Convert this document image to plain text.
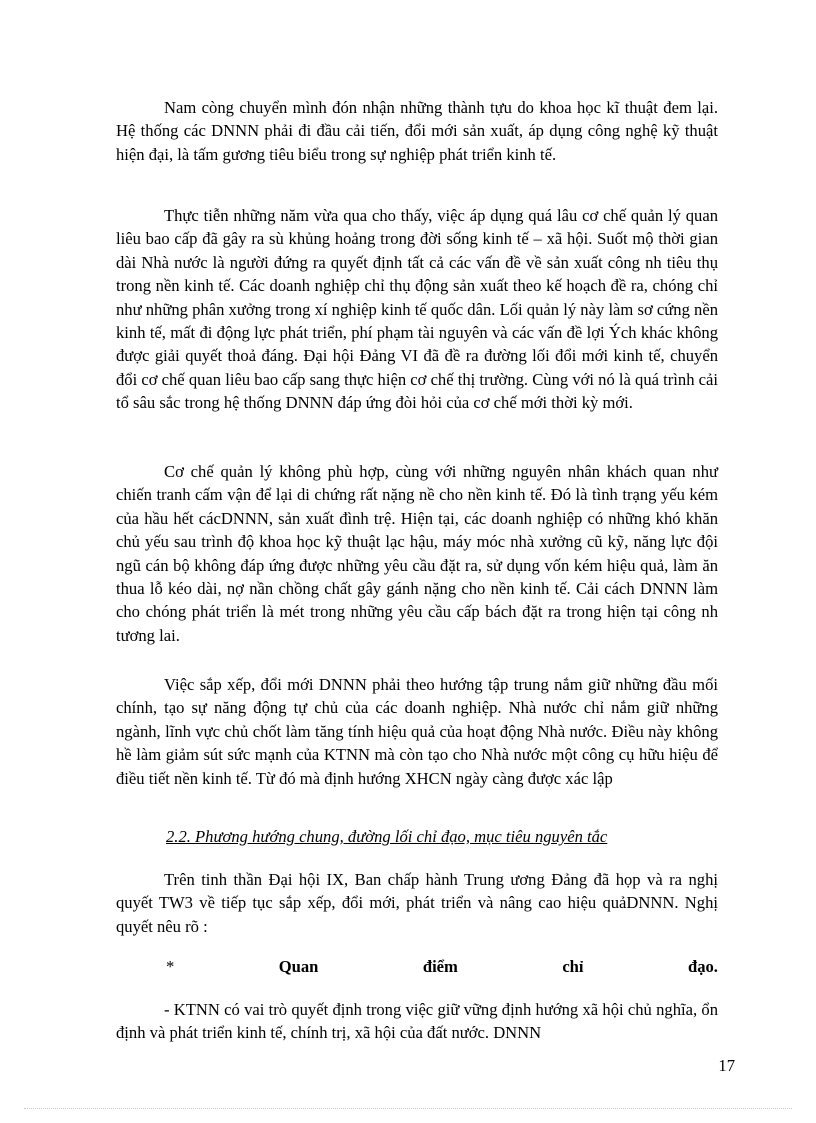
Nam còng chuyển mình đón nhận những thành tựu do khoa học kĩ thuật đem lại. Hệ thống các DNNN phải đi đầu cải tiến, đổi mới sản xuất, áp dụng công nghệ kỹ thuật hiện đại, là tấm gương tiêu biểu trong sự nghiệp phát triển kinh tế.

Thực tiễn những năm vừa qua cho thấy, việc áp dụng quá lâu cơ chế quản lý quan liêu bao cấp đã gây ra sù khủng hoảng trong đời sống kinh tế – xã hội. Suốt mộ thời gian dài Nhà nước là người đứng ra quyết định tất cả các vấn đề về sản xuất công nh tiêu thụ trong nền kinh tế. Các doanh nghiệp chỉ thụ động sản xuất theo kế hoạch đề ra, chóng chỉ như những phân xưởng trong xí nghiệp kinh tế quốc dân. Lối quản lý này làm sơ cứng nền kinh tế, mất đi động lực phát triển, phí phạm tài nguyên và các vấn đề lợi Ých khác không được giải quyết thoả đáng. Đại hội Đảng VI đã đề ra đường lối đổi mới kinh tế, chuyển đổi cơ chế quan liêu bao cấp sang thực hiện cơ chế thị trường. Cùng với nó là quá trình cải tổ sâu sắc trong hệ thống DNNN đáp ứng đòi hỏi của cơ chế mới thời kỳ mới.

Cơ chế quản lý không phù hợp, cùng với những nguyên nhân khách quan như chiến tranh cấm vận để lại di chứng rất nặng nề cho nền kinh tế. Đó là tình trạng yếu kém của hầu hết cácDNNN, sản xuất đình trệ. Hiện tại, các doanh nghiệp có những khó khăn chủ yếu sau trình độ khoa học kỹ thuật lạc hậu, máy móc nhà xưởng cũ kỹ, năng lực đội ngũ cán bộ không đáp ứng được những yêu cầu đặt ra, sử dụng vốn kém hiệu quả, làm ăn thua lỗ kéo dài, nợ nần chồng chất gây gánh nặng cho nền kinh tế. Cải cách DNNN làm cho chóng phát triển là mét trong những yêu cầu cấp bách đặt ra trong hiện tại công nh tương lai.

Việc sắp xếp, đổi mới DNNN phải theo hướng tập trung nắm giữ những đầu mối chính, tạo sự năng động tự chủ của các doanh nghiệp. Nhà nước chỉ nắm giữ những ngành, lĩnh vực chủ chốt làm tăng tính hiệu quả của hoạt động Nhà nước. Điều này không hề làm giảm sút sức mạnh của KTNN mà còn tạo cho Nhà nước một công cụ hữu hiệu để điều tiết nền kinh tế. Từ đó mà định hướng XHCN ngày càng được xác lập

2.2. Phương hướng chung, đường lối chỉ đạo, mục tiêu nguyên tắc

Trên tinh thần Đại hội IX, Ban chấp hành Trung ương Đảng đã họp và ra nghị quyết TW3 về tiếp tục sắp xếp, đổi mới, phát triển và nâng cao hiệu quảDNNN. Nghị quyết nêu rõ :

*	Quan	điểm	chỉ	đạo.

- KTNN có vai trò quyết định trong việc giữ vững định hướng xã hội chủ nghĩa, ổn định và phát triển kinh tế, chính trị, xã hội của đất nước. DNNN

17
